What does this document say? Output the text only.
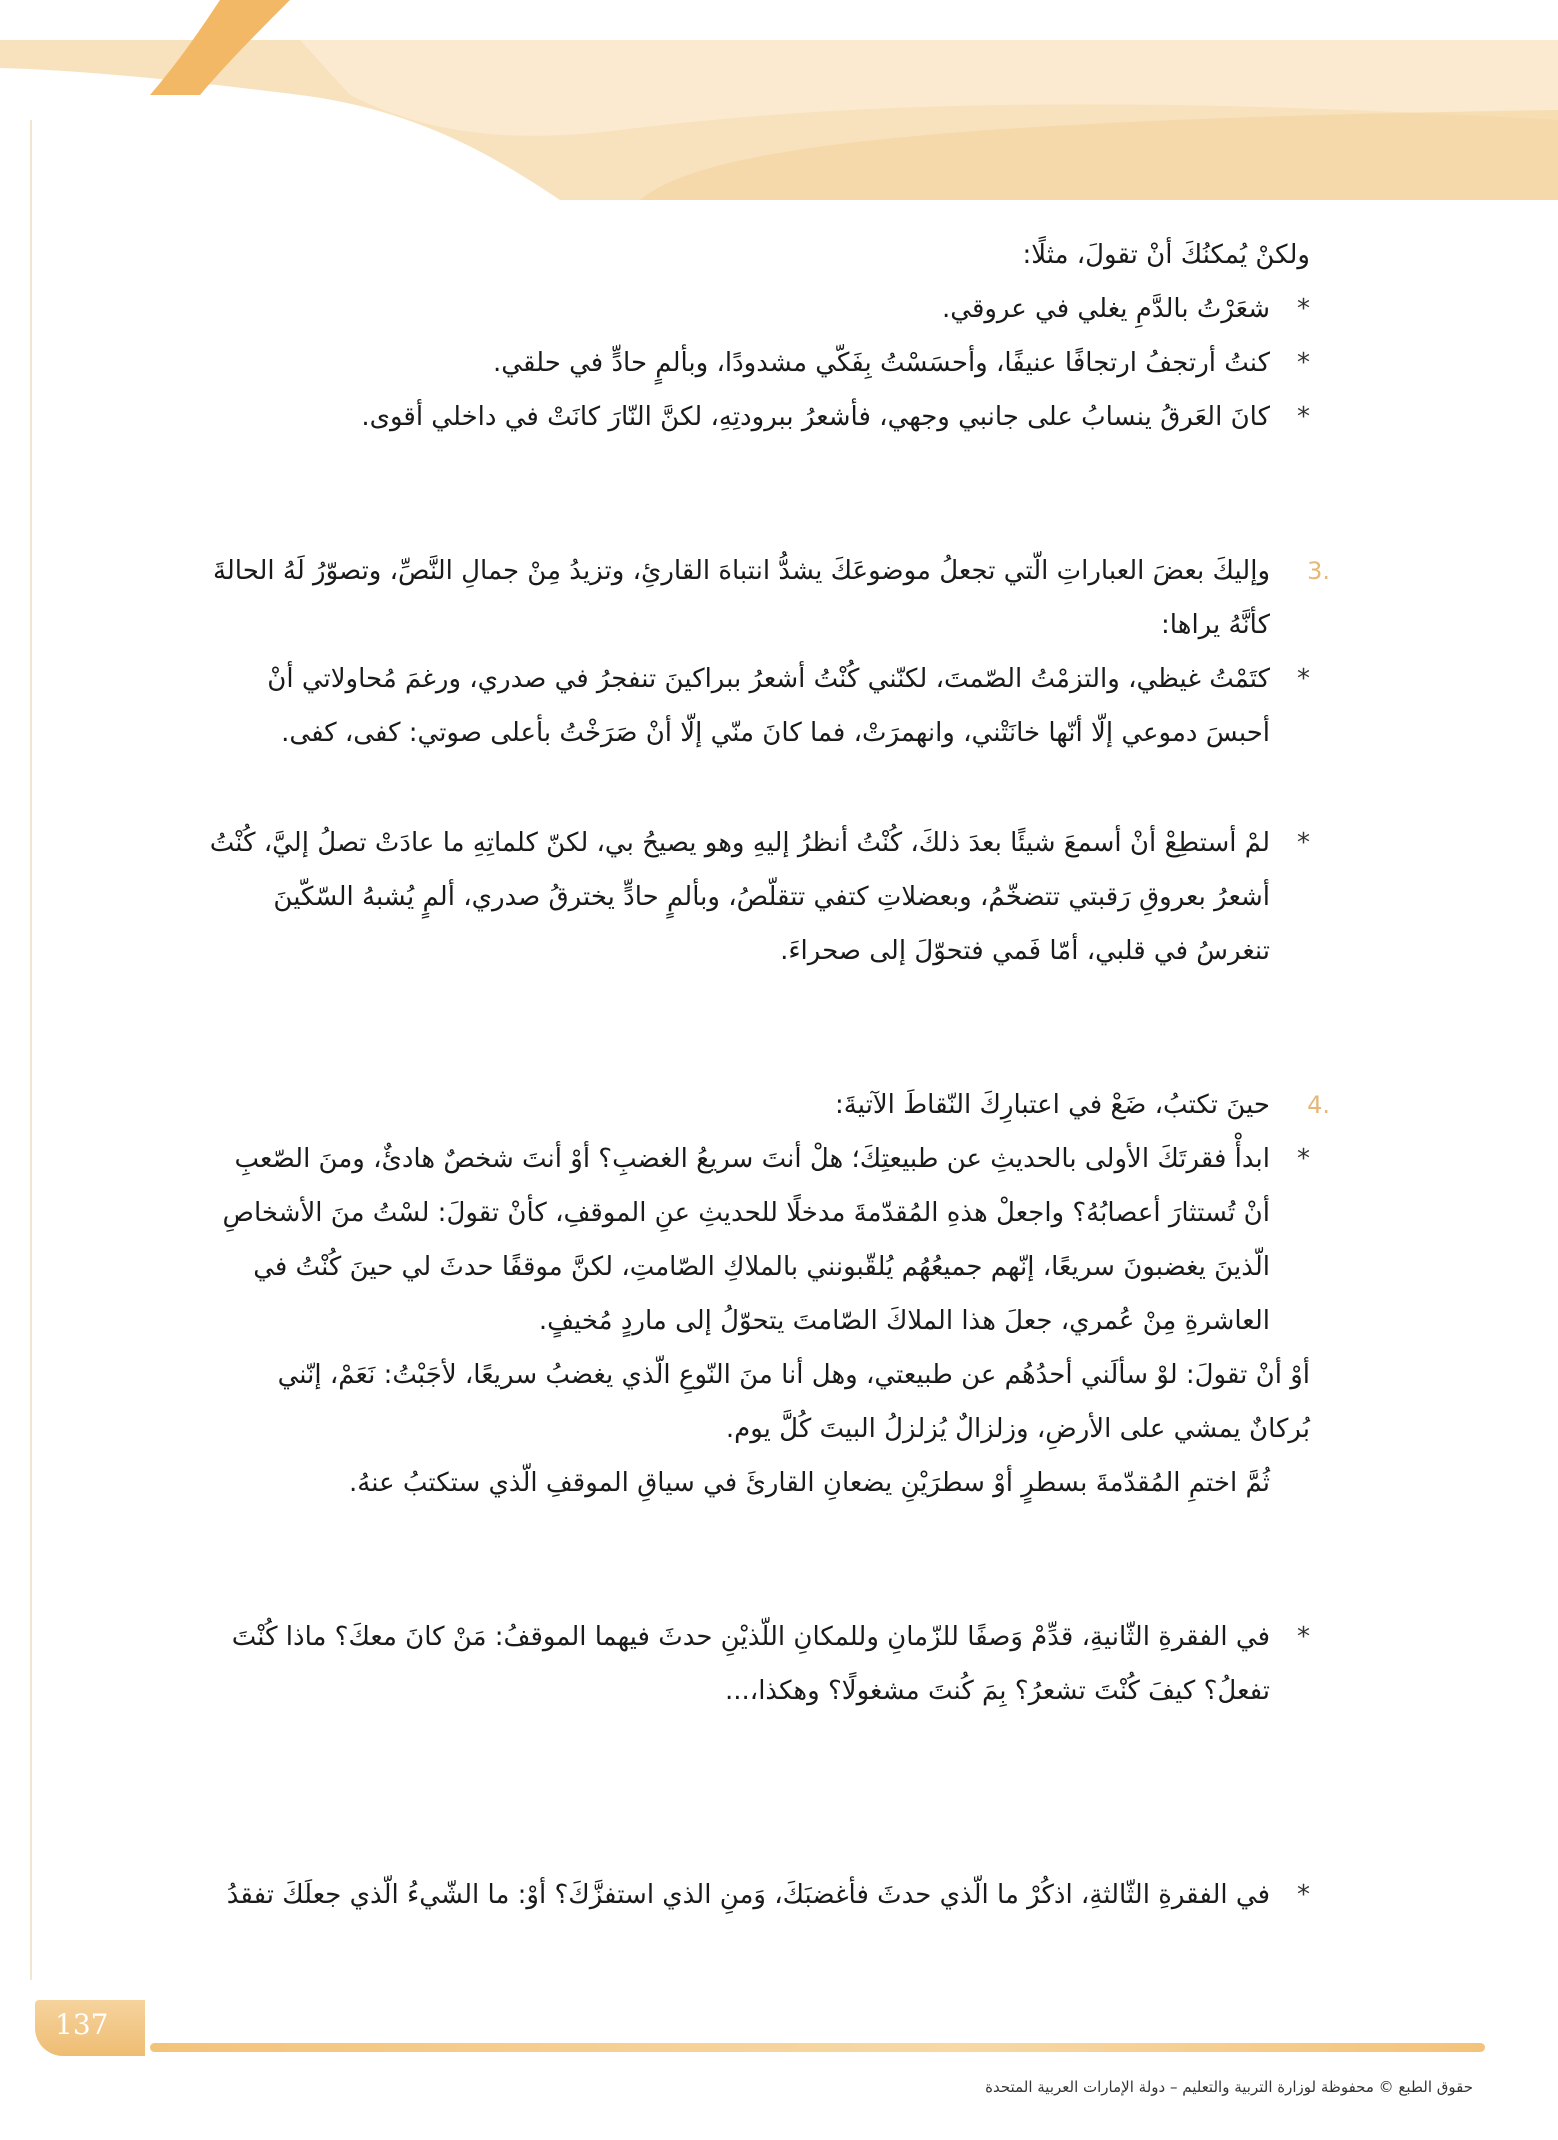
ولكنْ يُمكنُكَ أنْ تقولَ، مثلًا:

* شعَرْتُ بالدَّمِ يغلي في عروقي.

* كنتُ أرتجفُ ارتجافًا عنيفًا، وأحسَسْتُ بِفَكّي مشدودًا، وبألمٍ حادٍّ في حلقي.

* كانَ العَرقُ ينسابُ على جانبي وجهي، فأشعرُ ببرودتِهِ، لكنَّ النّارَ كانَتْ في داخلي أقوى.

.3

وإليكَ بعضَ العباراتِ الّتي تجعلُ موضوعَكَ يشدُّ انتباهَ القارئِ، وتزيدُ مِنْ جمالِ النَّصِّ، وتصوّرُ لَهُ الحالةَ

كأنَّهُ يراها:

* كتَمْتُ غيظي، والتزمْتُ الصّمتَ، لكنّني كُنْتُ أشعرُ ببراكينَ تنفجرُ في صدري، ورغمَ مُحاولاتي أنْ

أحبسَ دموعي إلّا أنّها خانَتْني، وانهمرَتْ، فما كانَ منّي إلّا أنْ صَرَخْتُ بأعلى صوتي: كفى، كفى.

* لمْ أستطِعْ أنْ أسمعَ شيئًا بعدَ ذلكَ، كُنْتُ أنظرُ إليهِ وهو يصيحُ بي، لكنّ كلماتِهِ ما عادَتْ تصلُ إليَّ، كُنْتُ

أشعرُ بعروقِ رَقبتي تتضخّمُ، وبعضلاتِ كتفي تتقلّصُ، وبألمٍ حادٍّ يخترقُ صدري، ألمٍ يُشبهُ السّكّينَ

تنغرسُ في قلبي، أمّا فَمي فتحوّلَ إلى صحراءَ.

.4

حينَ تكتبُ، ضَعْ في اعتبارِكَ النّقاطَ الآتيةَ:

* ابدأْ فقرتَكَ الأولى بالحديثِ عن طبيعتِكَ؛ هلْ أنتَ سريعُ الغضبِ؟ أوْ أنتَ شخصٌ هادئٌ، ومنَ الصّعبِ

أنْ تُستثارَ أعصابُهُ؟ واجعلْ هذهِ المُقدّمةَ مدخلًا للحديثِ عنِ الموقفِ، كأنْ تقولَ: لسْتُ منَ الأشخاصِ

الّذينَ يغضبونَ سريعًا، إنّهم جميعُهُم يُلقّبونني بالملاكِ الصّامتِ، لكنَّ موقفًا حدثَ لي حينَ كُنْتُ في

العاشرةِ مِنْ عُمري، جعلَ هذا الملاكَ الصّامتَ يتحوّلُ إلى ماردٍ مُخيفٍ.

أوْ أنْ تقولَ: لوْ سألَني أحدُهُم عن طبيعتي، وهل أنا منَ النّوعِ الّذي يغضبُ سريعًا، لأجَبْتُ: نَعَمْ، إنّني

بُركانٌ يمشي على الأرضِ، وزلزالٌ يُزلزلُ البيتَ كُلَّ يوم.

ثُمَّ اختمِ المُقدّمةَ بسطرٍ أوْ سطرَيْنِ يضعانِ القارئَ في سياقِ الموقفِ الّذي ستكتبُ عنهُ.

* في الفقرةِ الثّانيةِ، قدِّمْ وَصفًا للزّمانِ وللمكانِ اللّذيْنِ حدثَ فيهما الموقفُ: مَنْ كانَ معكَ؟ ماذا كُنْتَ

تفعلُ؟ كيفَ كُنْتَ تشعرُ؟ بِمَ كُنتَ مشغولًا؟ وهكذا،...

* في الفقرةِ الثّالثةِ، اذكُرْ ما الّذي حدثَ فأغضبَكَ، وَمنِ الذي استفزَّكَ؟ أوْ: ما الشّيءُ الّذي جعلَكَ تفقدُ

137
حقوق الطبع © محفوظة لوزارة التربية والتعليم – دولة الإمارات العربية المتحدة
